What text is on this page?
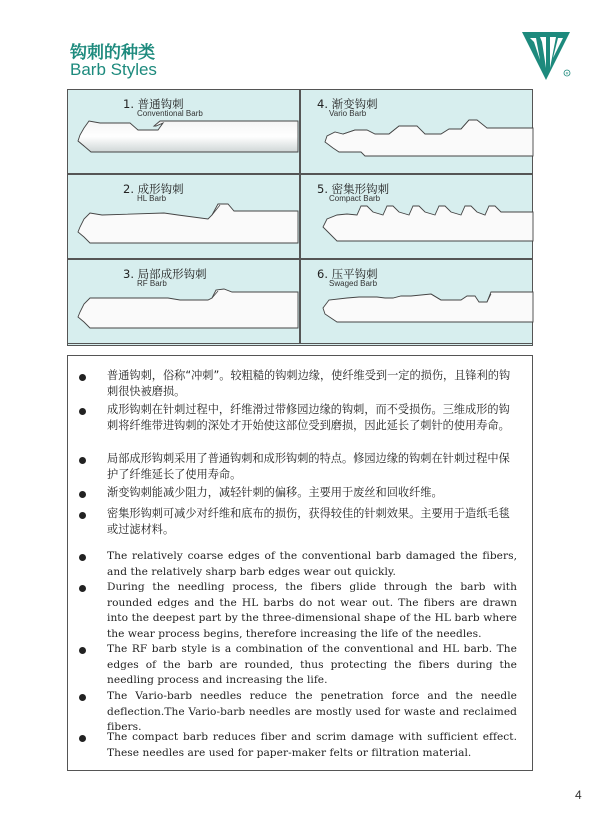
钩刺的种类
Barb Styles	R
1. 普通钩刺
Conventional Barb
4. 渐变钩刺
Vario Barb
2. 成形钩刺
HL Barb
5. 密集形钩刺
Compact Barb
3. 局部成形钩刺
RF Barb
6. 压平钩刺
Swaged Barb
普通钩刺，俗称“冲刺”。较粗糙的钩刺边缘，使纤维受到一定的损伤，且锋利的钩刺很快被磨损。
成形钩刺在针刺过程中，纤维滑过带修园边缘的钩刺，而不受损伤。三维成形的钩刺将纤维带进钩刺的深处才开始使这部位受到磨损，因此延长了刺针的使用寿命。
局部成形钩刺采用了普通钩刺和成形钩刺的特点。修园边缘的钩刺在针刺过程中保护了纤维延长了使用寿命。
渐变钩刺能减少阻力，减轻针刺的偏移。主要用于废丝和回收纤维。
密集形钩刺可减少对纤维和底布的损伤，获得较佳的针刺效果。主要用于造纸毛毯或过滤材料。
The relatively coarse edges of the conventional barb damaged the fibers, and the relatively sharp barb edges wear out quickly.
During the needling process, the fibers glide through the barb with rounded edges and the HL barbs do not wear out. The fibers are drawn into the deepest part by the three-dimensional shape of the HL barb where the wear process begins, therefore increasing the life of the needles.
The RF barb style is a combination of the conventional and HL barb. The edges of the barb are rounded, thus protecting the fibers during the needling process and increasing the life.
The Vario-barb needles reduce the penetration force and the needle deflection.The Vario-barb needles are mostly used for waste and reclaimed fibers.
The compact barb reduces fiber and scrim damage with sufficient effect. These needles are used for paper-maker felts or filtration material.
4
